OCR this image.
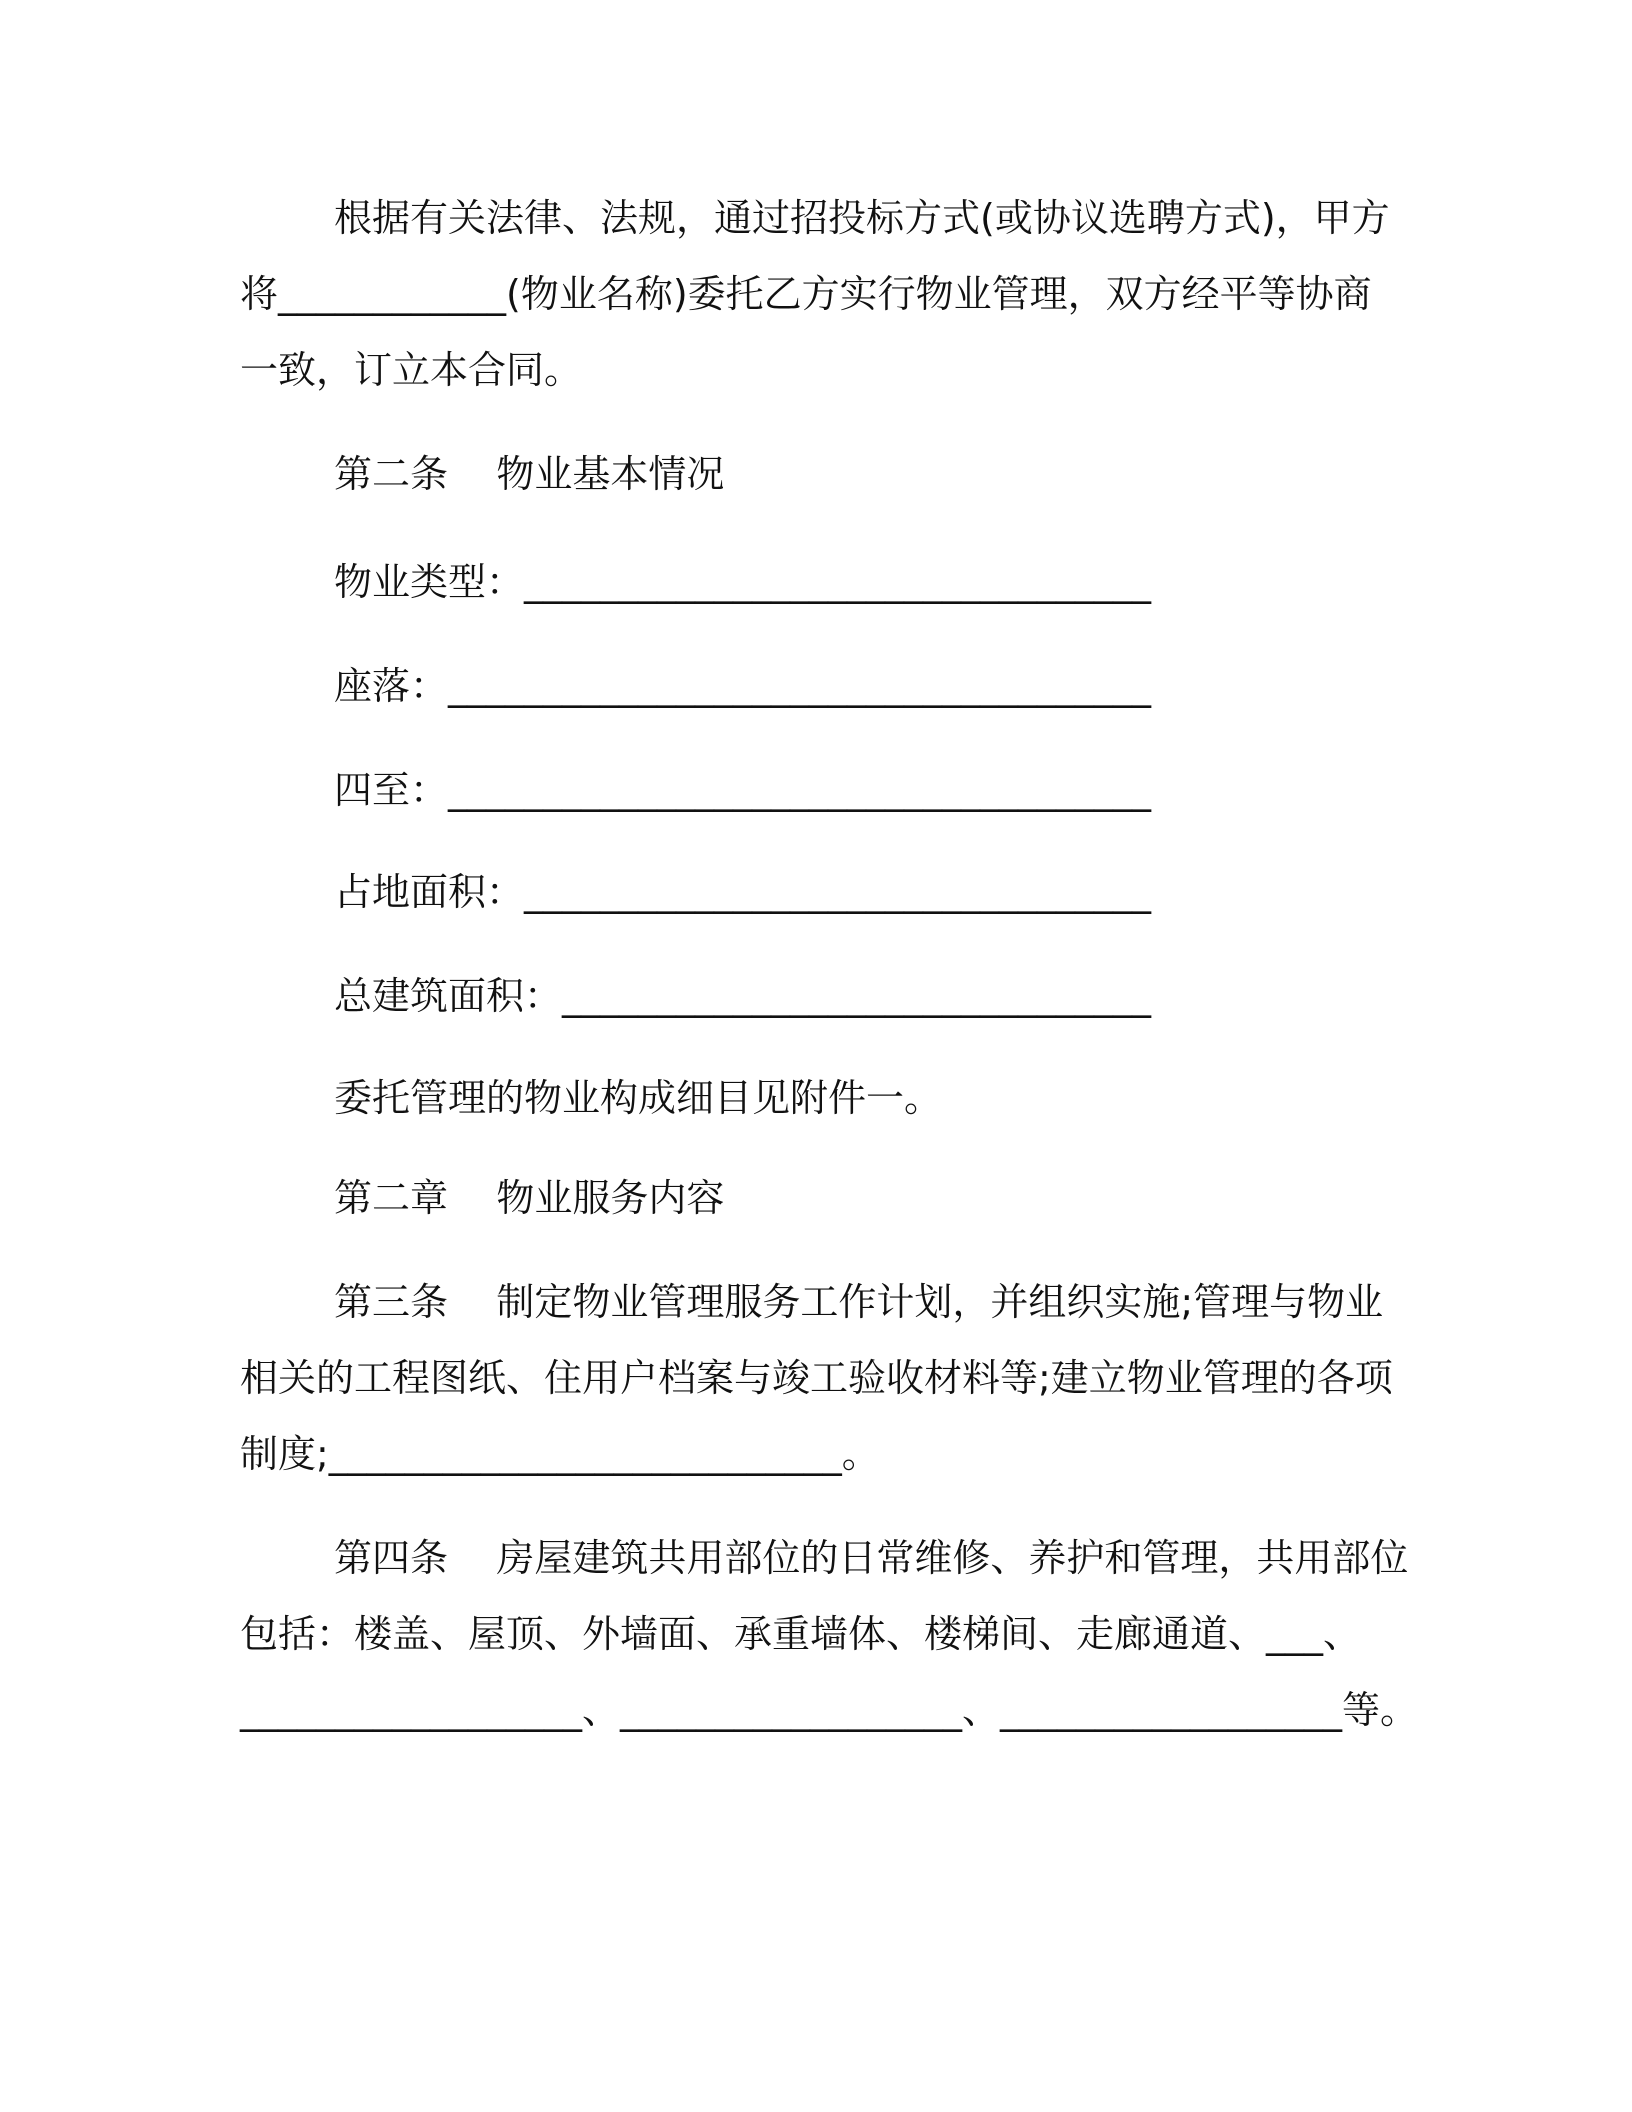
根据有关法律、法规，通过招投标方式(或协议选聘方式)，甲方
将____________(物业名称)委托乙方实行物业管理，双方经平等协商
一致，订立本合同。
第二条    物业基本情况
物业类型：_________________________________
座落：_____________________________________
四至：_____________________________________
占地面积：_________________________________
总建筑面积：_______________________________
委托管理的物业构成细目见附件一。
第二章    物业服务内容
第三条    制定物业管理服务工作计划，并组织实施;管理与物业
相关的工程图纸、住用户档案与竣工验收材料等;建立物业管理的各项
制度;___________________________。
第四条    房屋建筑共用部位的日常维修、养护和管理，共用部位
包括：楼盖、屋顶、外墙面、承重墙体、楼梯间、走廊通道、___、
__________________、__________________、__________________等。
